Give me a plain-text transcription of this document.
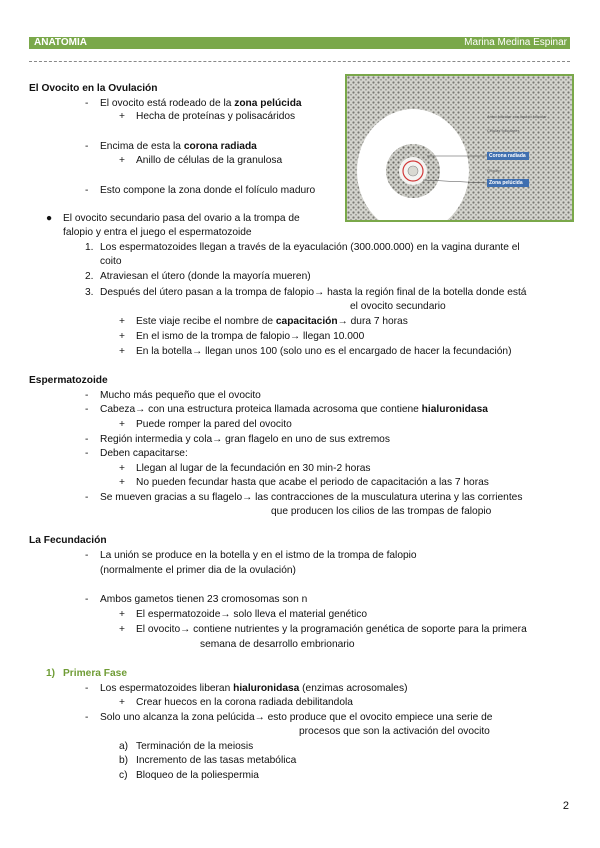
ANATOMIA	Marina Medina Espinar
Antro folicular con liquido folicular
Células foliculares
Corona radiada
Ovocito
Zona pelúcida
El Ovocito en la Ovulación
- El ovocito está rodeado de la zona pelúcida
+ Hecha de proteínas y polisacáridos
- Encima de esta la corona radiada
+ Anillo de células de la granulosa
- Esto compone la zona donde el folículo maduro
● El ovocito secundario pasa del ovario a la trompa de
falopio y entra el juego el espermatozoide
1. Los espermatozoides llegan a través de la eyaculación (300.000.000) en la vagina durante el
coito
2. Atraviesan el útero (donde la mayoría mueren)
3. Después del útero pasan a la trompa de falopio→ hasta la región final de la botella donde está
el ovocito secundario
+ Este viaje recibe el nombre de capacitación→ dura 7 horas
+ En el ismo de la trompa de falopio→ llegan 10.000
+ En la botella→ llegan unos 100 (solo uno es el encargado de hacer la fecundación)
Espermatozoide
- Mucho más pequeño que el ovocito
- Cabeza→ con una estructura proteica llamada acrosoma que contiene hialuronidasa
+ Puede romper la pared del ovocito
- Región intermedia y cola→ gran flagelo en uno de sus extremos
- Deben capacitarse:
+ Llegan al lugar de la fecundación en 30 min-2 horas
+ No pueden fecundar hasta que acabe el periodo de capacitación a las 7 horas
- Se mueven gracias a su flagelo→ las contracciones de la musculatura uterina y las corrientes
que producen los cilios de las trompas de falopio
La Fecundación
- La unión se produce en la botella y en el istmo de la trompa de falopio
(normalmente el primer dia de la ovulación)
- Ambos gametos tienen 23 cromosomas son n
+ El espermatozoide→ solo lleva el material genético
+ El ovocito→ contiene nutrientes y la programación genética de soporte para la primera
semana de desarrollo embrionario
1) Primera Fase
- Los espermatozoides liberan hialuronidasa (enzimas acrosomales)
+ Crear huecos en la corona radiada debilitandola
- Solo uno alcanza la zona pelúcida→ esto produce que el ovocito empiece una serie de
procesos que son la activación del ovocito
a) Terminación de la meiosis
b) Incremento de las tasas metabólica
c) Bloqueo de la poliespermia
2
